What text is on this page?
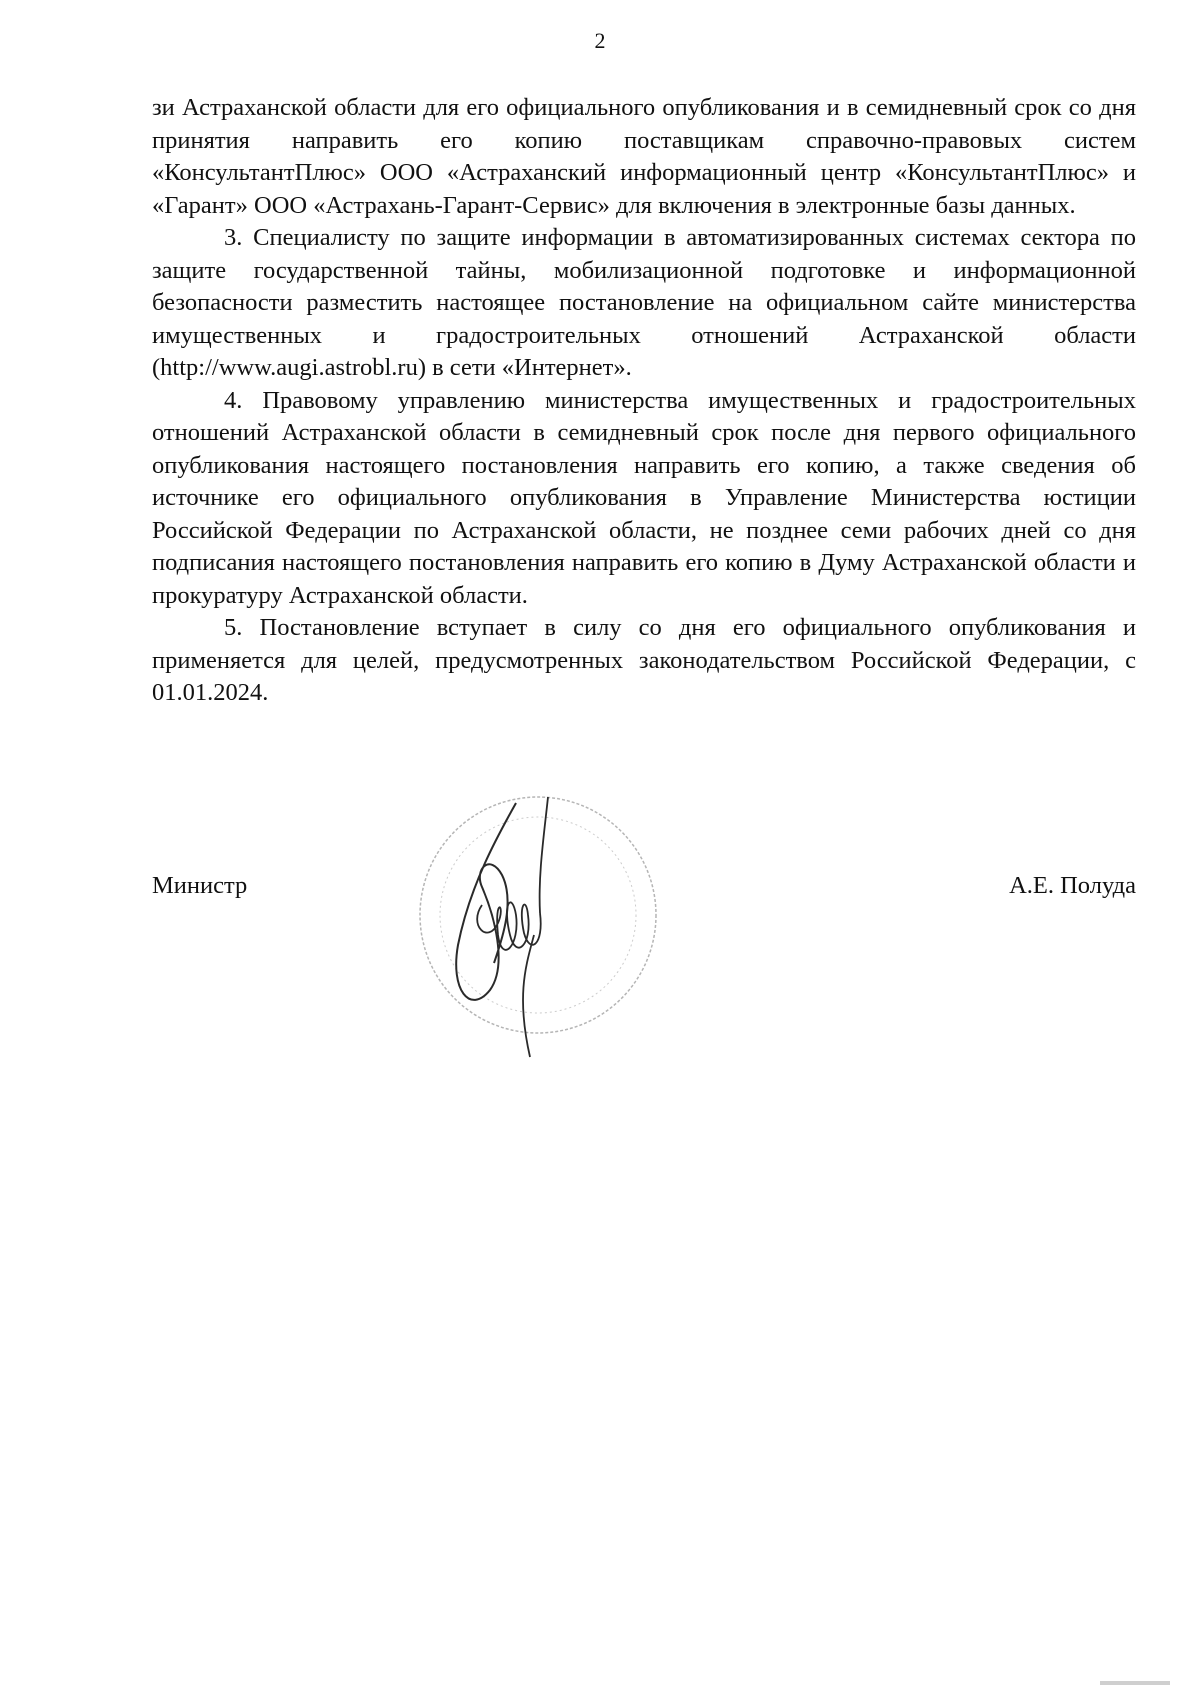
2

зи Астраханской области для его официального опубликования и в семидневный срок со дня принятия направить его копию поставщикам справочно-правовых систем «КонсультантПлюс» ООО «Астраханский информационный центр «КонсультантПлюс» и «Гарант» ООО «Астрахань-Гарант-Сервис» для включения в электронные базы данных.

3. Специалисту по защите информации в автоматизированных системах сектора по защите государственной тайны, мобилизационной подготовке и информационной безопасности разместить настоящее постановление на официальном сайте министерства имущественных и градостроительных отношений Астраханской области (http://www.augi.astrobl.ru) в сети «Интернет».

4. Правовому управлению министерства имущественных и градостроительных отношений Астраханской области в семидневный срок после дня первого официального опубликования настоящего постановления направить его копию, а также сведения об источнике его официального опубликования в Управление Министерства юстиции Российской Федерации по Астраханской области, не позднее семи рабочих дней со дня подписания настоящего постановления направить его копию в Думу Астраханской области и прокуратуру Астраханской области.

5. Постановление вступает в силу со дня его официального опубликования и применяется для целей, предусмотренных законодательством Российской Федерации, с 01.01.2024.

Министр	А.Е. Полуда
